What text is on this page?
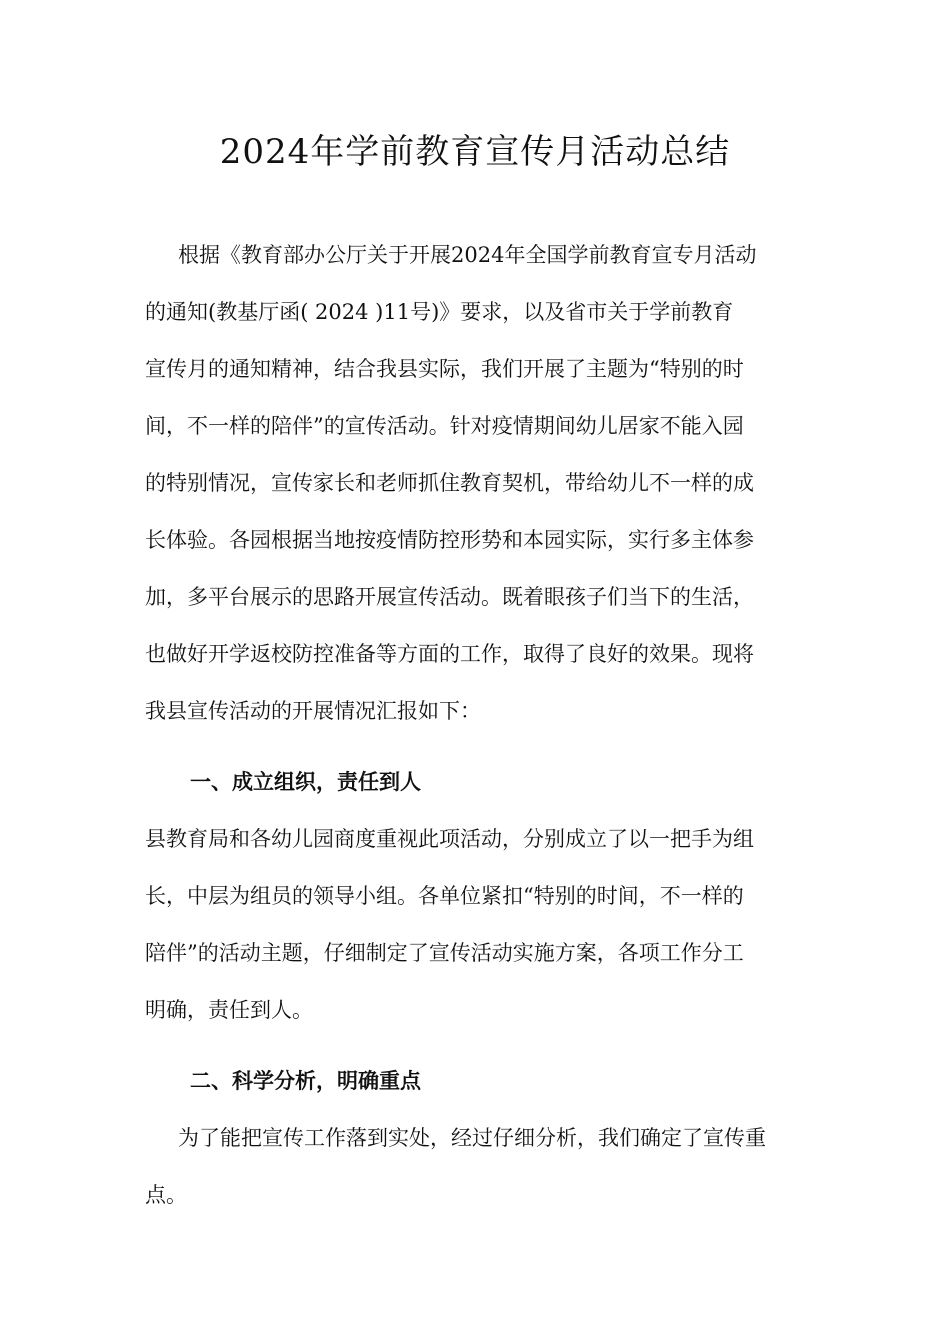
2024年学前教育宣传月活动总结
根据《教育部办公厅关于开展2024年全国学前教育宣专月活动
的通知(教基厅函( 2024 )11号)》要求，以及省市关于学前教育
宣传月的通知精神，结合我县实际，我们开展了主题为“特别的时
间，不一样的陪伴”的宣传活动。针对疫情期间幼儿居家不能入园
的特别情况，宣传家长和老师抓住教育契机，带给幼儿不一样的成
长体验。各园根据当地按疫情防控形势和本园实际，实行多主体参
加，多平台展示的思路开展宣传活动。既着眼孩子们当下的生活，
也做好开学返校防控准备等方面的工作，取得了良好的效果。现将
我县宣传活动的开展情况汇报如下：
一、成立组织，责任到人
县教育局和各幼儿园商度重视此项活动，分别成立了以一把手为组
长，中层为组员的领导小组。各单位紧扣“特别的时间，不一样的
陪伴”的活动主题，仔细制定了宣传活动实施方案，各项工作分工
明确，责任到人。
二、科学分析，明确重点
为了能把宣传工作落到实处，经过仔细分析，我们确定了宣传重
点。
